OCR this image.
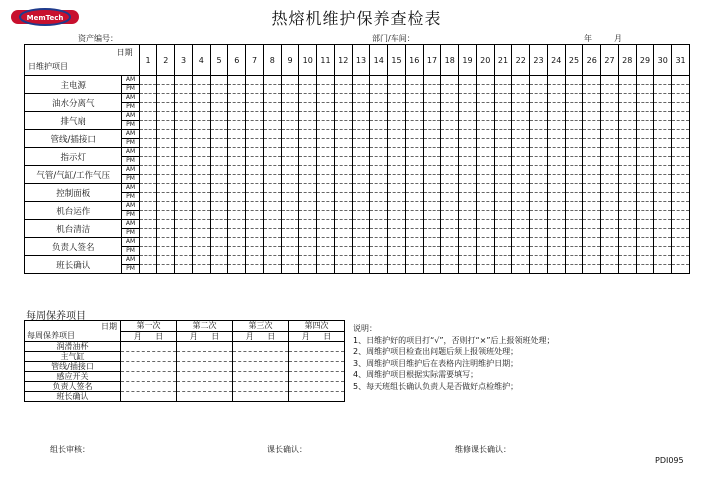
MemTech	热熔机维护保养查检表
资产编号：	部门/车间：	年	月
日期
日维护项目		1	2	3	4	5	6	7	8	9	10	11	12	13	14	15	16	17	18	19	20	21	22	23	24	25	26	27	28	29	30	31
主电源	AM																															
	PM																															
油水分离气	AM																															
	PM																															
排气扇	AM																															
	PM																															
管线/插接口	AM																															
	PM																															
指示灯	AM																															
	PM																															
气管/气缸/工作气压	AM																															
	PM																															
控制面板	AM																															
	PM																															
机台运作	AM																															
	PM																															
机台清洁	AM																															
	PM																															
负责人签名	AM																															
	PM																															
班长确认	AM																															
	PM																															
每周保养项目
日期
每周保养项目	第一次	第二次	第三次	第四次

	月 日	月 日	月 日	月 日

润滑油杯				
主气缸				
管线/插接口				
感应开关				
负责人签名				
班长确认				
说明：
1、日维护好的项目打“√”，否则打“×”后上报领班处理；
2、周维护项目检查出问题后须上报领班处理；
3、周维护项目维护后在表格内注明维护日期；
4、周维护项目根据实际需要填写；
5、每天班组长确认负责人是否做好点检维护；
组长审核：	课长确认：	维修课长确认：
PDI095
